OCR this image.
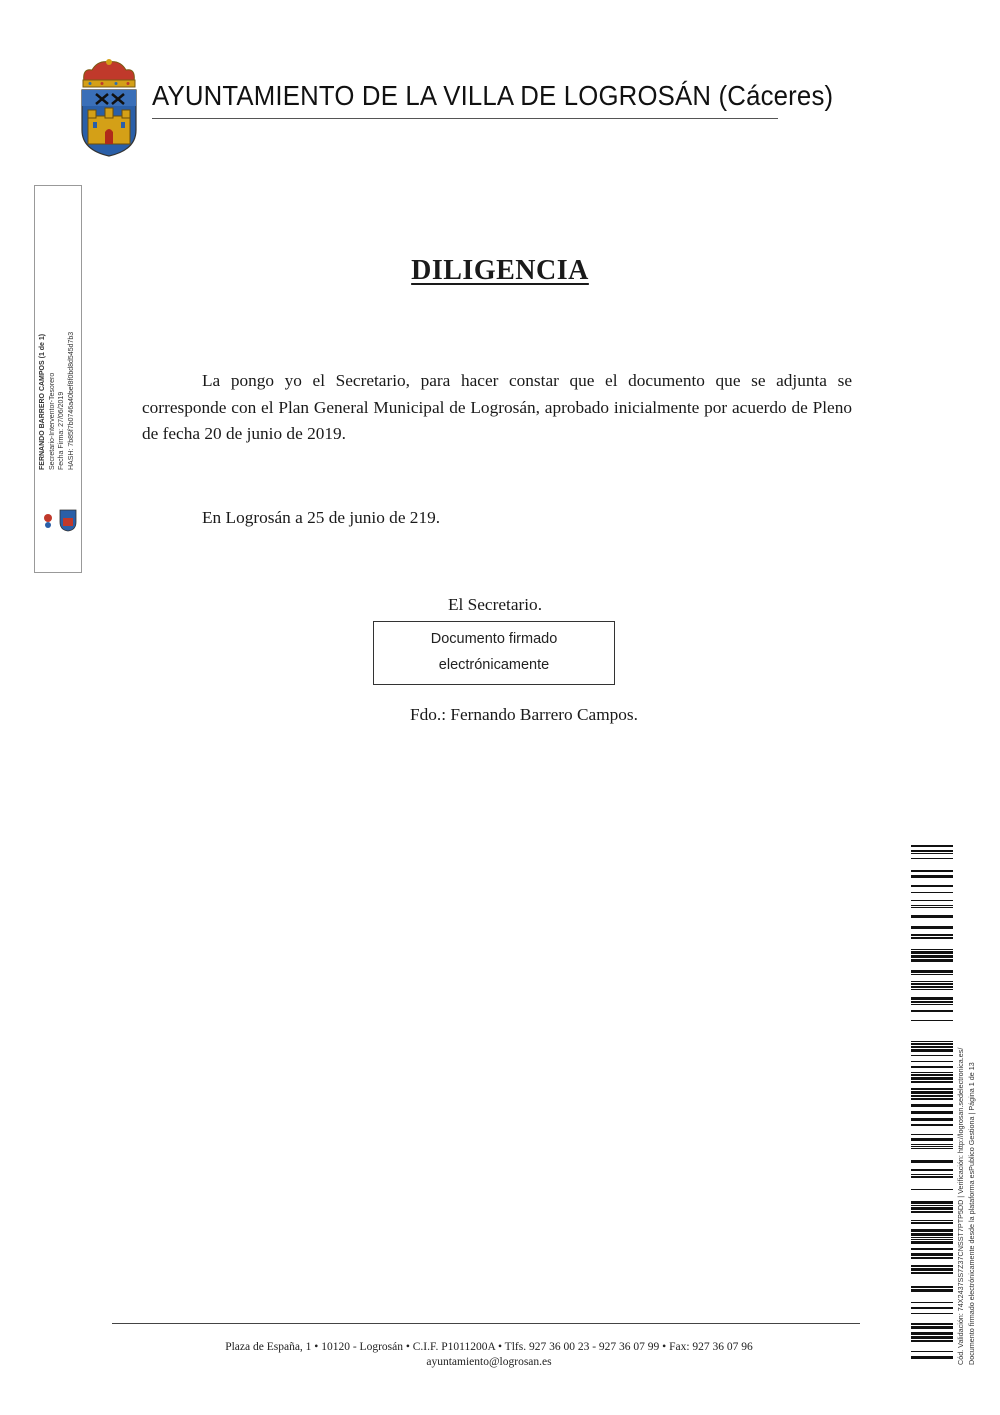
AYUNTAMIENTO DE LA VILLA DE LOGROSÁN (Cáceres)
FERNANDO BARRERO CAMPOS (1 de 1) Secretario-Interventor-Tesorero Fecha Firma: 27/06/2019 HASH: 7b85f7b0746a40bef8f0bd8d545d7b3
DILIGENCIA
La pongo yo el Secretario, para hacer constar que el documento que se adjunta se corresponde con el Plan General Municipal de Logrosán, aprobado inicialmente por acuerdo de Pleno de fecha 20 de junio de 2019.
En Logrosán a 25 de junio de 219.
El Secretario.
Documento firmado
electrónicamente
Fdo.: Fernando Barrero Campos.
Cód. Validación: 74X2437SS7Z37CNSST7PTP5DD | Verificación: http://logrosan.sedelectronica.es/ Documento firmado electrónicamente desde la plataforma esPublico Gestiona | Página 1 de 13
Plaza de España, 1 • 10120 - Logrosán • C.I.F. P1011200A • Tlfs. 927 36 00 23 - 927 36 07 99 • Fax: 927 36 07 96
ayuntamiento@logrosan.es
